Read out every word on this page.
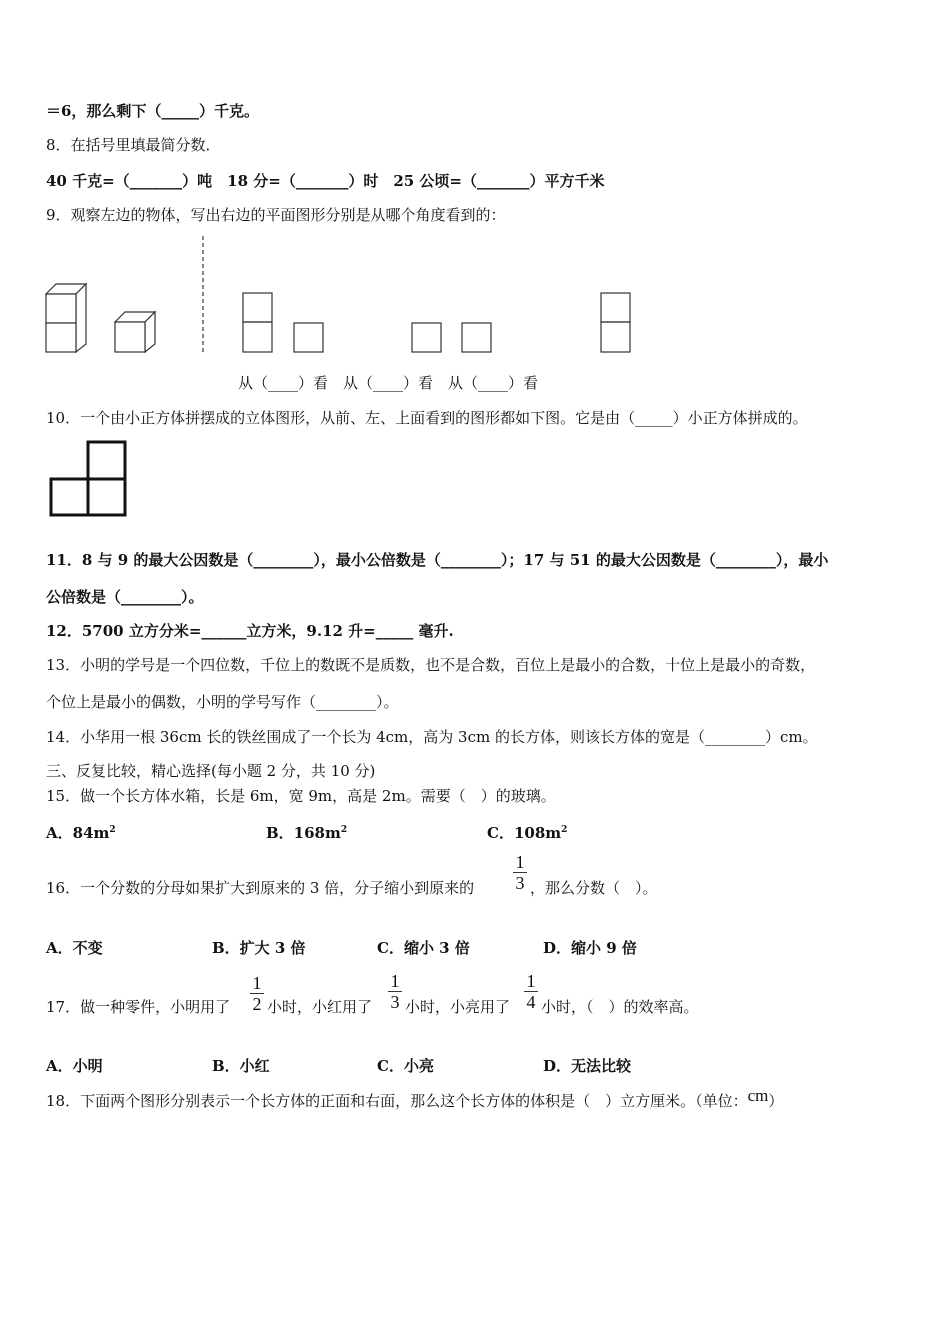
＝6，那么剩下（_____）千克。
8．在括号里填最简分数．
40 千克=（_______）吨　18 分=（_______）时　25 公顷=（_______）平方千米
9．观察左边的物体，写出右边的平面图形分别是从哪个角度看到的：
从（____）看　从（____）看　从（____）看
10．一个由小正方体拼摆成的立体图形，从前、左、上面看到的图形都如下图。它是由（_____）小正方体拼成的。
11．8 与 9 的最大公因数是（________），最小公倍数是（________）；17 与 51 的最大公因数是（________），最小
公倍数是（________）。
12．5700 立方分米=______立方米，9.12 升=_____ 毫升.
13．小明的学号是一个四位数，千位上的数既不是质数，也不是合数，百位上是最小的合数，十位上是最小的奇数，
个位上是最小的偶数，小明的学号写作（________）。
14．小华用一根 36cm 长的铁丝围成了一个长为 4cm，高为 3cm 的长方体，则该长方体的宽是（________）cm。
三、反复比较，精心选择(每小题 2 分，共 10 分)
15．做一个长方体水箱，长是 6m，宽 9m，高是 2m。需要（　）的玻璃。
A．$84m^2$	B．$168m^2$	C．$108m^2$
16．一个分数的分母如果扩大到原来的 3 倍，分子缩小到原来的
1
3 ，那么分数（　）。
A．不变	B．扩大 3 倍	C．缩小 3 倍	D．缩小 9 倍
17．做一种零件，小明用了
1
2 小时，小红用了
1
3 小时，小亮用了
1
4 小时，（　）的效率高。
A．小明	B．小红	C．小亮	D．无法比较
18．下面两个图形分别表示一个长方体的正面和右面，那么这个长方体的体积是（　）立方厘米。（单位：cm）
